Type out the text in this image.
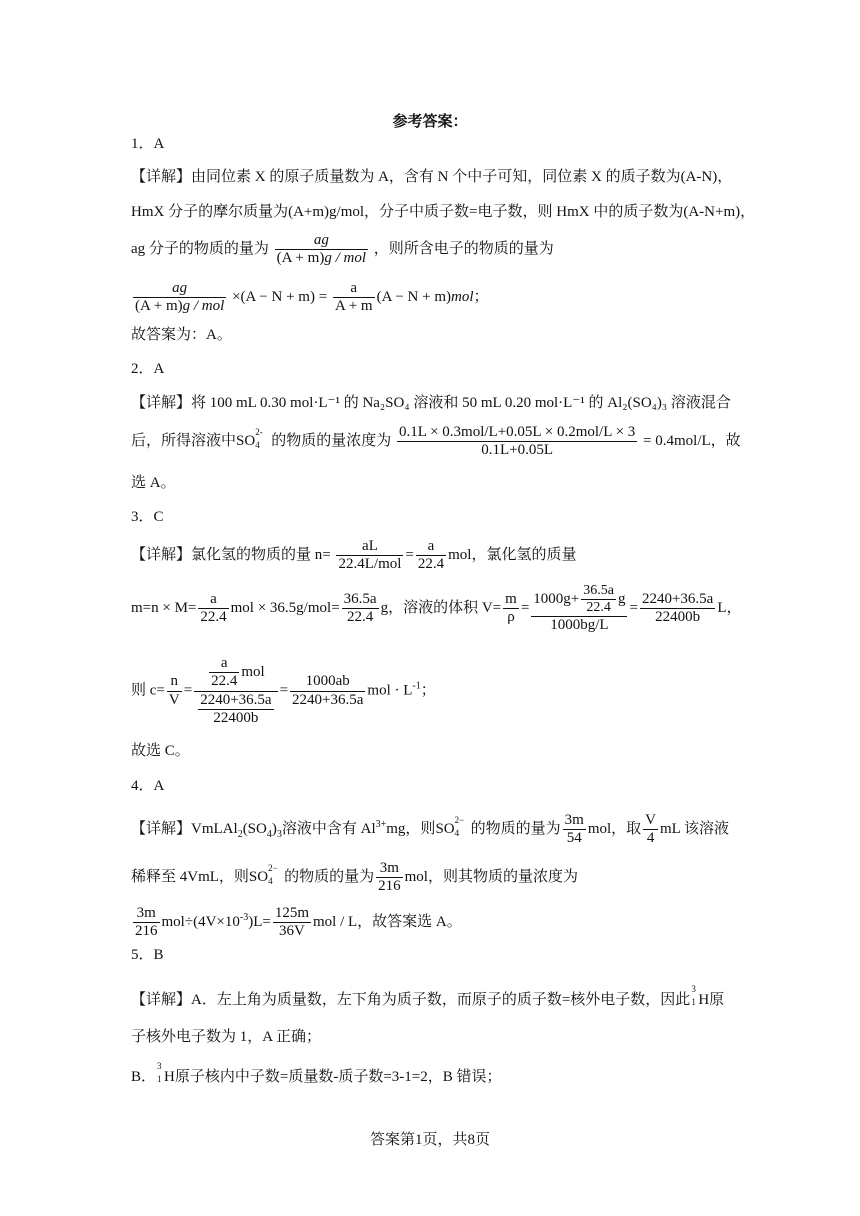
参考答案：
1．A
【详解】由同位素 X 的原子质量数为 A，含有 N 个中子可知，同位素 X 的质子数为(A-N)，
HmX 分子的摩尔质量为(A+m)g/mol，分子中质子数=电子数，则 HmX 中的质子数为(A-N+m)，
ag 分子的物质的量为 $\frac{ag}{\text{(A + m)g / mol}}$ ，则所含电子的物质的量为
$\frac{ag}{\text{(A + m)g / mol}} \times(A - N + m) = \frac{a}{A + m} (A - N + m)mol$；
故答案为：A。
2．A
【详解】将 100 mL 0.30 mol·L⁻¹ 的 Na₂SO₄ 溶液和 50 mL 0.20 mol·L⁻¹ 的 Al₂(SO₄)₃ 溶液混合
后，所得溶液中SO
2-
4 的物质的量浓度为 $\frac{\text{0.1L × 0.3mol/L+0.05L × 0.2mol/L × 3}}{0.1L+0.05L} = 0.4mol/L$，故
选 A。
3．C
【详解】氯化氢的物质的量 $n= \frac{aL}{\text{22.4L/mol}} = \frac{a}{22.4}$ mol，氯化氢的质量
$m=n \times M= \frac{a}{22.4}$ mol × $36.5g/mol= \frac{36.5a}{22.4}$ g，溶液的体积 $V= \frac{m}{\rho} = \frac{1000g+ \frac{36.5a}{22.4} g}{1000bg/L} = \frac{2240+36.5a}{22400b}$ L，
则 $c= \frac{n}{V} = \frac{\frac{a}{22.4} mol}{\frac{2240+36.5a}{22400b}} = \frac{1000ab}{2240+36.5a}$ mol · $L^{-1}$；
故选 C。
4．A
【详解】$VmLAl_2(SO_4)_3$溶液中含有 $Al^{3+}mg$，则SO
2−
4 的物质的量为 $\frac{3m}{54}$ mol，取 $\frac{V}{4}$ mL 该溶液
稀释至 4VmL，则SO
2−
4 的物质的量为 $\frac{3m}{216}$ mol，则其物质的量浓度为
$\frac{3m}{216} mol\div(4V\times 10^{-3})L= \frac{125m}{36V}$ mol / L，故答案选 A。
5．B
【详解】A．左上角为质量数，左下角为质子数，而原子的质子数=核外电子数，因此
3
1 H原
子核外电子数为 1，A 正确；
B．
3
1 H原子核内中子数=质量数-质子数=3-1=2，B 错误；
答案第1页，共8页
